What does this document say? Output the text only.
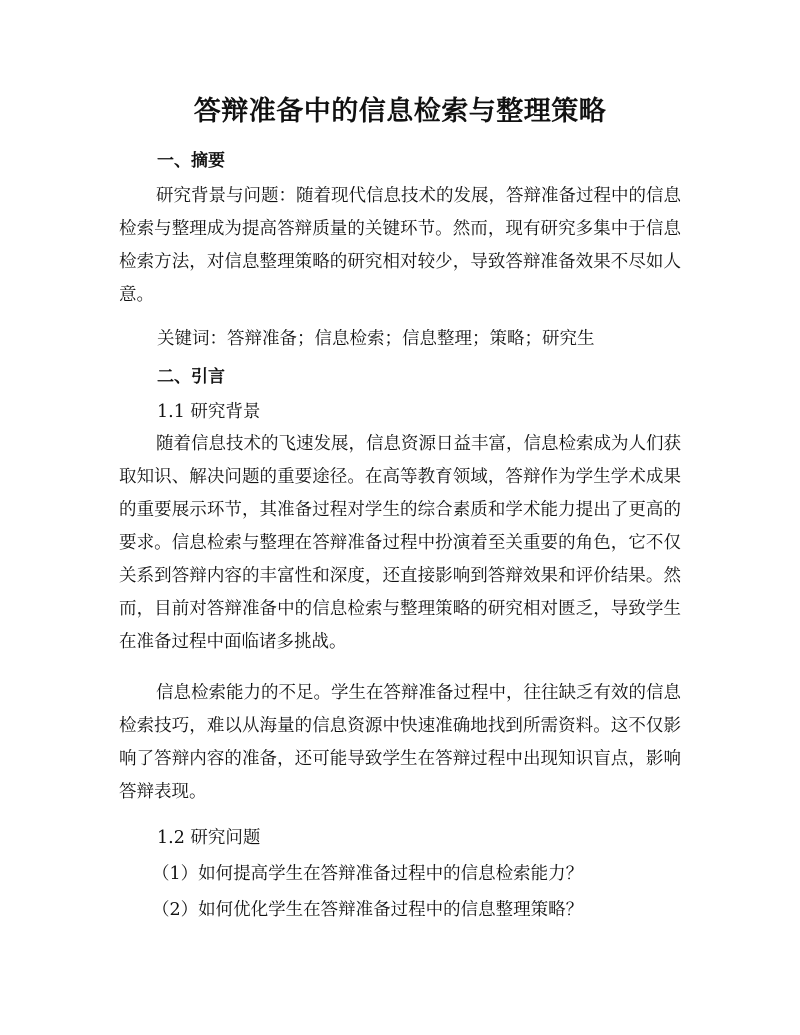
答辩准备中的信息检索与整理策略
一、摘要

研究背景与问题：随着现代信息技术的发展，答辩准备过程中的信息检索与整理成为提高答辩质量的关键环节。然而，现有研究多集中于信息检索方法，对信息整理策略的研究相对较少，导致答辩准备效果不尽如人意。

关键词：答辩准备；信息检索；信息整理；策略；研究生
二、引言
1.1 研究背景

随着信息技术的飞速发展，信息资源日益丰富，信息检索成为人们获取知识、解决问题的重要途径。在高等教育领域，答辩作为学生学术成果的重要展示环节，其准备过程对学生的综合素质和学术能力提出了更高的要求。信息检索与整理在答辩准备过程中扮演着至关重要的角色，它不仅关系到答辩内容的丰富性和深度，还直接影响到答辩效果和评价结果。然而，目前对答辩准备中的信息检索与整理策略的研究相对匮乏，导致学生在准备过程中面临诸多挑战。

信息检索能力的不足。学生在答辩准备过程中，往往缺乏有效的信息检索技巧，难以从海量的信息资源中快速准确地找到所需资料。这不仅影响了答辩内容的准备，还可能导致学生在答辩过程中出现知识盲点，影响答辩表现。

1.2 研究问题
（1）如何提高学生在答辩准备过程中的信息检索能力？
（2）如何优化学生在答辩准备过程中的信息整理策略？
